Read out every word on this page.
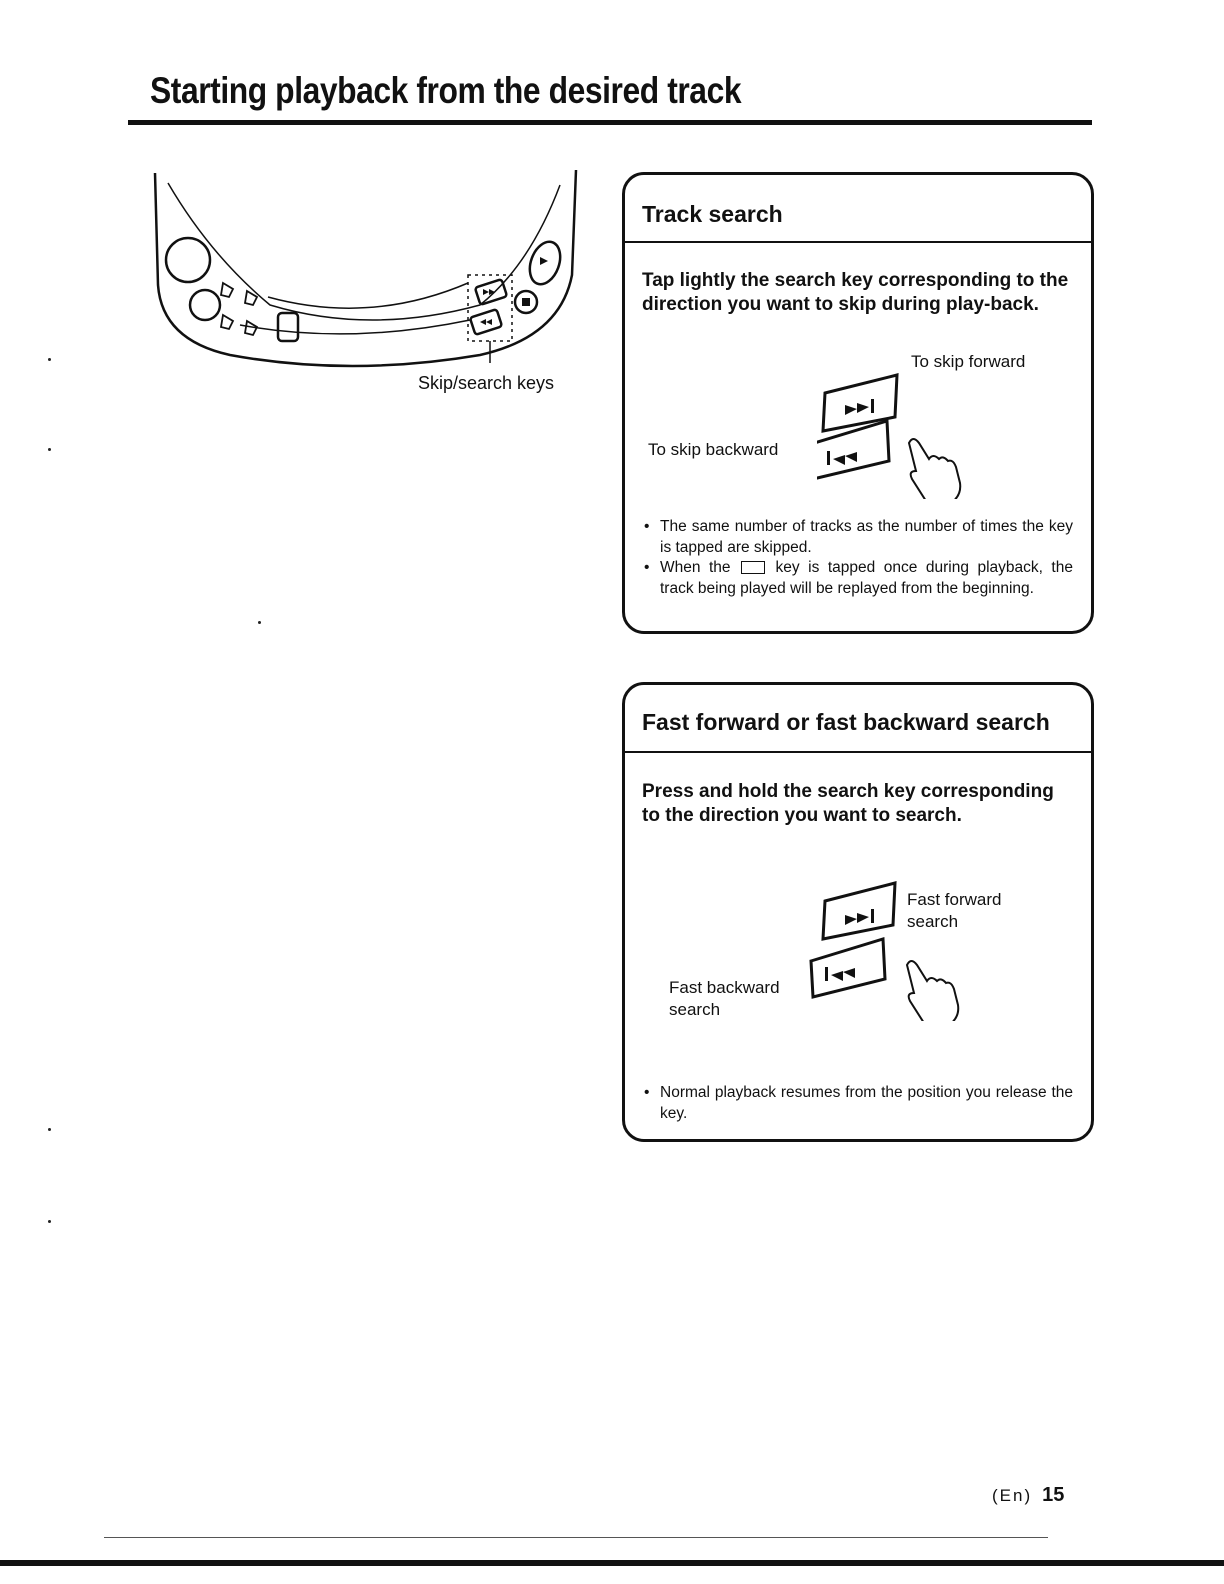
Starting playback from the desired track
Skip/search keys
Track search

Tap lightly the search key corresponding to the direction you want to skip during play-back.

To skip forward
To skip backward
• The same number of tracks as the number of times the key is tapped are skipped.
• When the	key is tapped once during playback, the track being played will be replayed from the beginning.
Fast forward or fast backward search

Press and hold the search key corresponding to the direction you want to search.

Fast forward search
Fast backward search
• Normal playback resumes from the position you release the key.
(En) 15
